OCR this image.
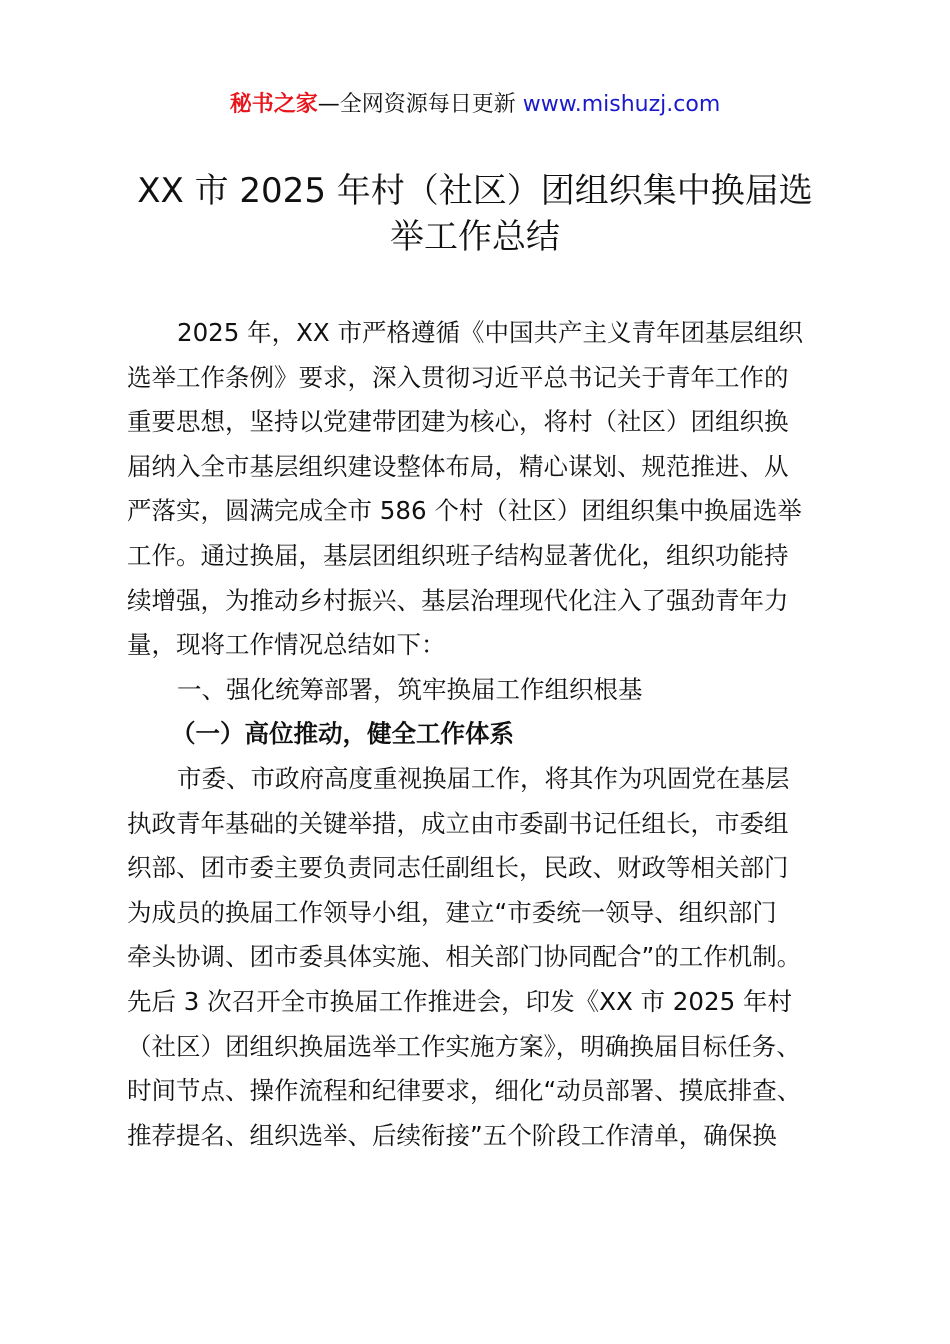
秘书之家—全网资源每日更新 www.mishuzj.com
XX 市 2025 年村（社区）团组织集中换届选
举工作总结
2025 年，XX 市严格遵循《中国共产主义青年团基层组织
选举工作条例》要求，深入贯彻习近平总书记关于青年工作的
重要思想，坚持以党建带团建为核心，将村（社区）团组织换
届纳入全市基层组织建设整体布局，精心谋划、规范推进、从
严落实，圆满完成全市 586 个村（社区）团组织集中换届选举
工作。通过换届，基层团组织班子结构显著优化，组织功能持
续增强，为推动乡村振兴、基层治理现代化注入了强劲青年力
量，现将工作情况总结如下：
一、强化统筹部署，筑牢换届工作组织根基
（一）高位推动，健全工作体系
市委、市政府高度重视换届工作，将其作为巩固党在基层
执政青年基础的关键举措，成立由市委副书记任组长，市委组
织部、团市委主要负责同志任副组长，民政、财政等相关部门
为成员的换届工作领导小组，建立“市委统一领导、组织部门
牵头协调、团市委具体实施、相关部门协同配合”的工作机制。
先后 3 次召开全市换届工作推进会，印发《XX 市 2025 年村
（社区）团组织换届选举工作实施方案》，明确换届目标任务、
时间节点、操作流程和纪律要求，细化“动员部署、摸底排查、
推荐提名、组织选举、后续衔接”五个阶段工作清单，确保换
